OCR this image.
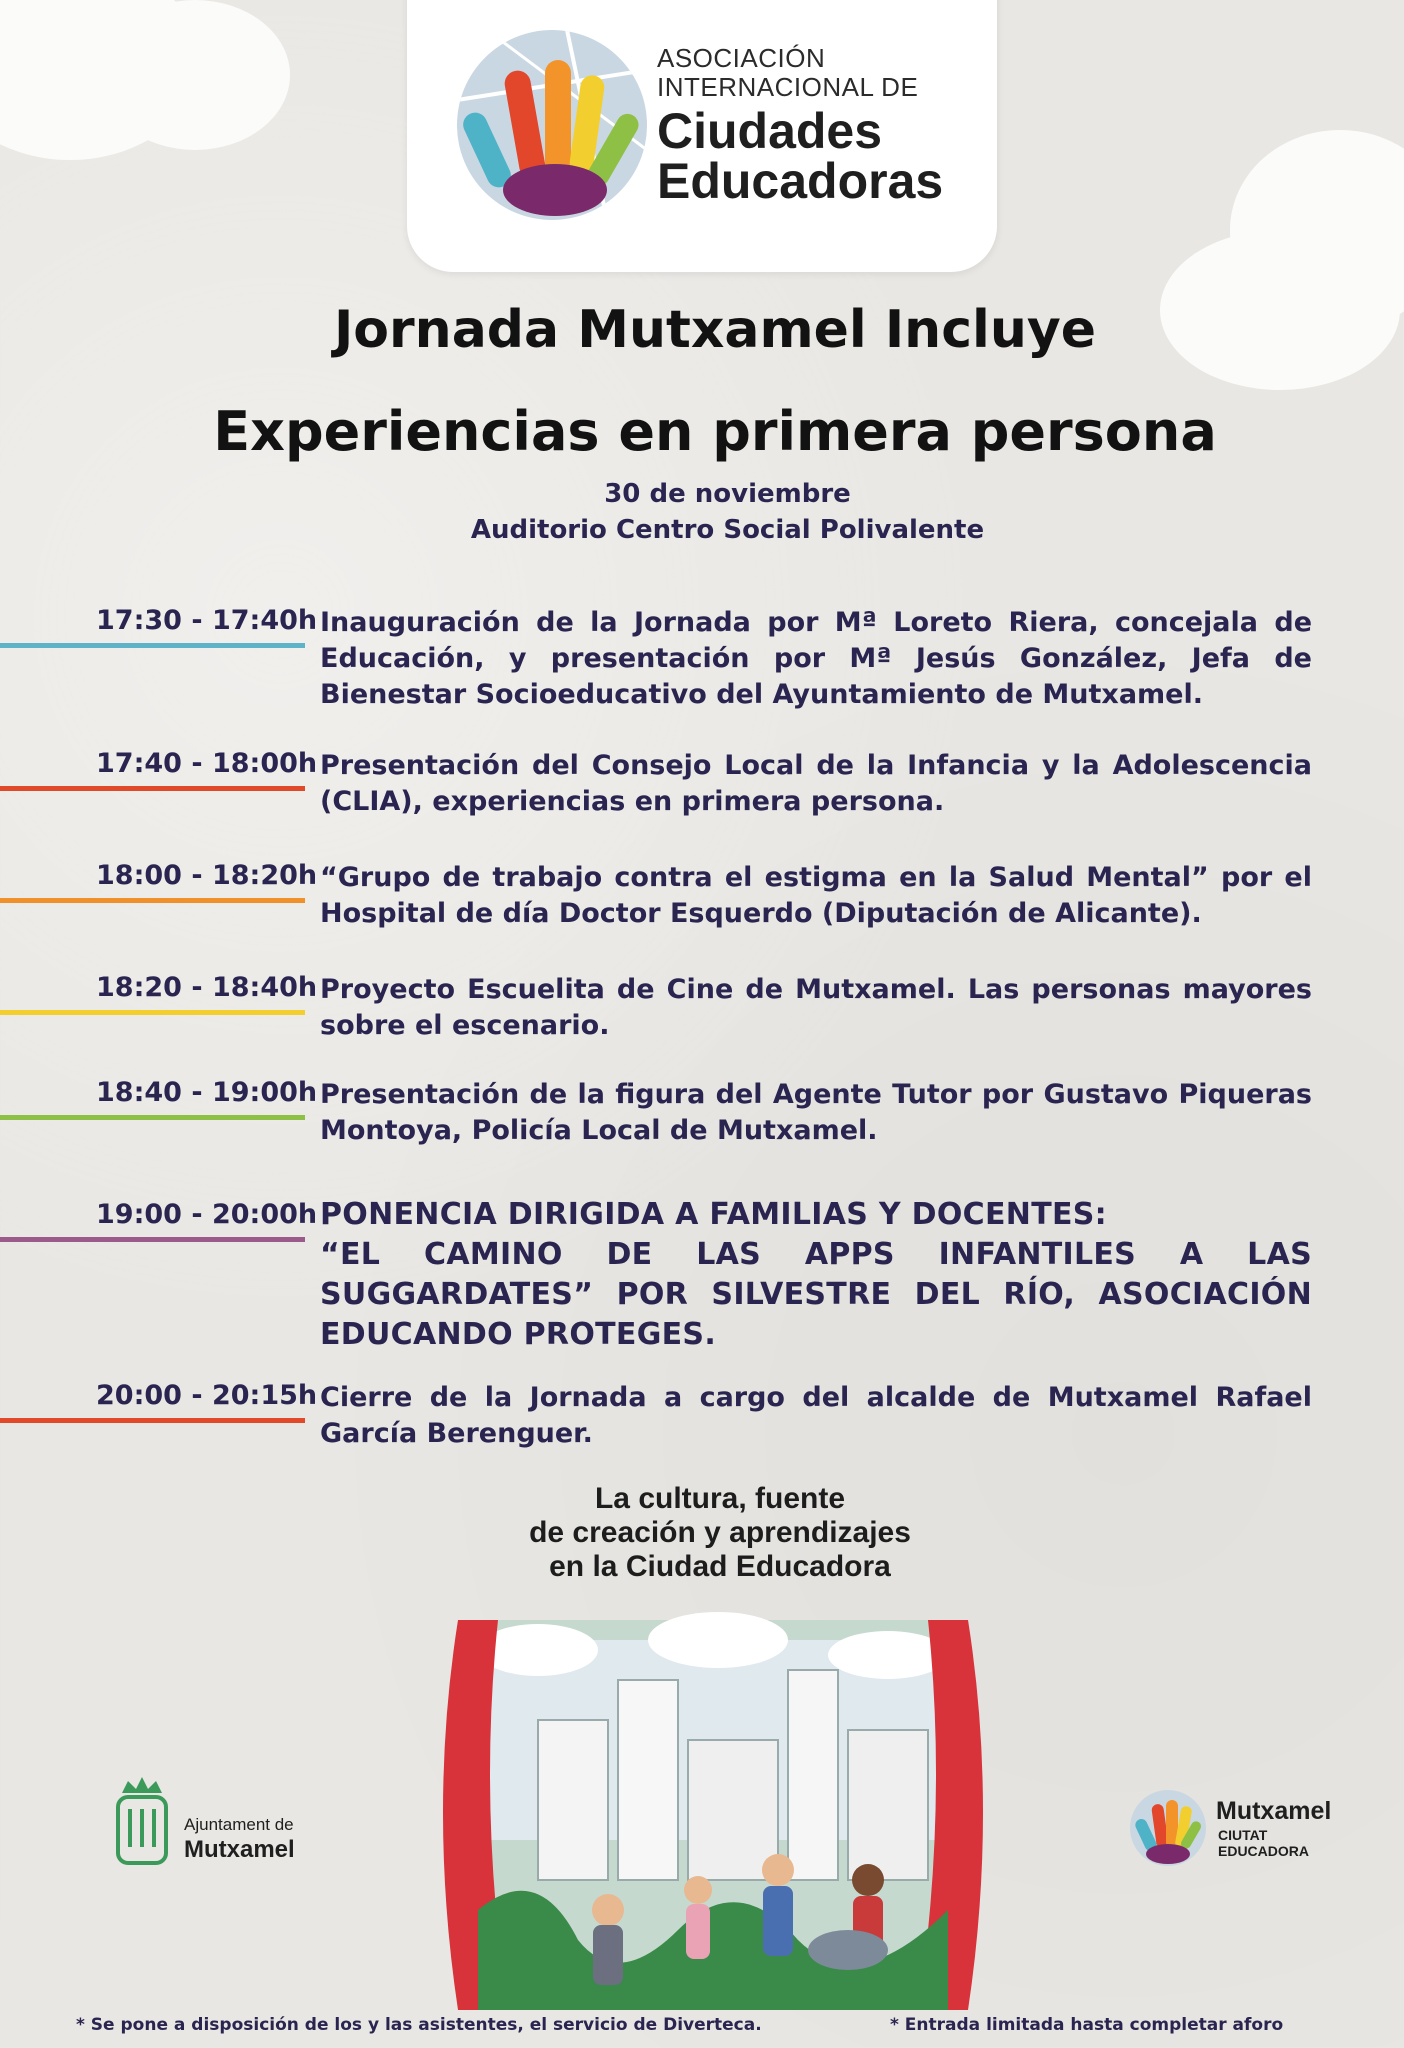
ASOCIACIÓN
INTERNACIONAL DE
Ciudades
Educadoras
Jornada Mutxamel Incluye
Experiencias en primera persona
30 de noviembre
Auditorio Centro Social Polivalente
17:30 - 17:40h Inauguración de la Jornada por Mª Loreto Riera, concejala de Educación, y presentación por Mª Jesús González, Jefa de Bienestar Socioeducativo del Ayuntamiento de Mutxamel.
17:40 - 18:00h Presentación del Consejo Local de la Infancia y la Adolescencia (CLIA), experiencias en primera persona.
18:00 - 18:20h “Grupo de trabajo contra el estigma en la Salud Mental” por el Hospital de día Doctor Esquerdo (Diputación de Alicante).
18:20 - 18:40h Proyecto Escuelita de Cine de Mutxamel. Las personas mayores sobre el escenario.
18:40 - 19:00h Presentación de la figura del Agente Tutor por Gustavo Piqueras Montoya, Policía Local de Mutxamel.
19:00 - 20:00h PONENCIA DIRIGIDA A FAMILIAS Y DOCENTES:
“EL CAMINO DE LAS APPS INFANTILES A LAS SUGGARDATES” POR SILVESTRE DEL RÍO, ASOCIACIÓN EDUCANDO PROTEGES.
20:00 - 20:15h Cierre de la Jornada a cargo del alcalde de Mutxamel Rafael García Berenguer.
La cultura, fuente
de creación y aprendizajes
en la Ciudad Educadora
Ajuntament de
Mutxamel
Mutxamel
CIUTAT
EDUCADORA
* Se pone a disposición de los y las asistentes, el servicio de Diverteca.	* Entrada limitada hasta completar aforo
